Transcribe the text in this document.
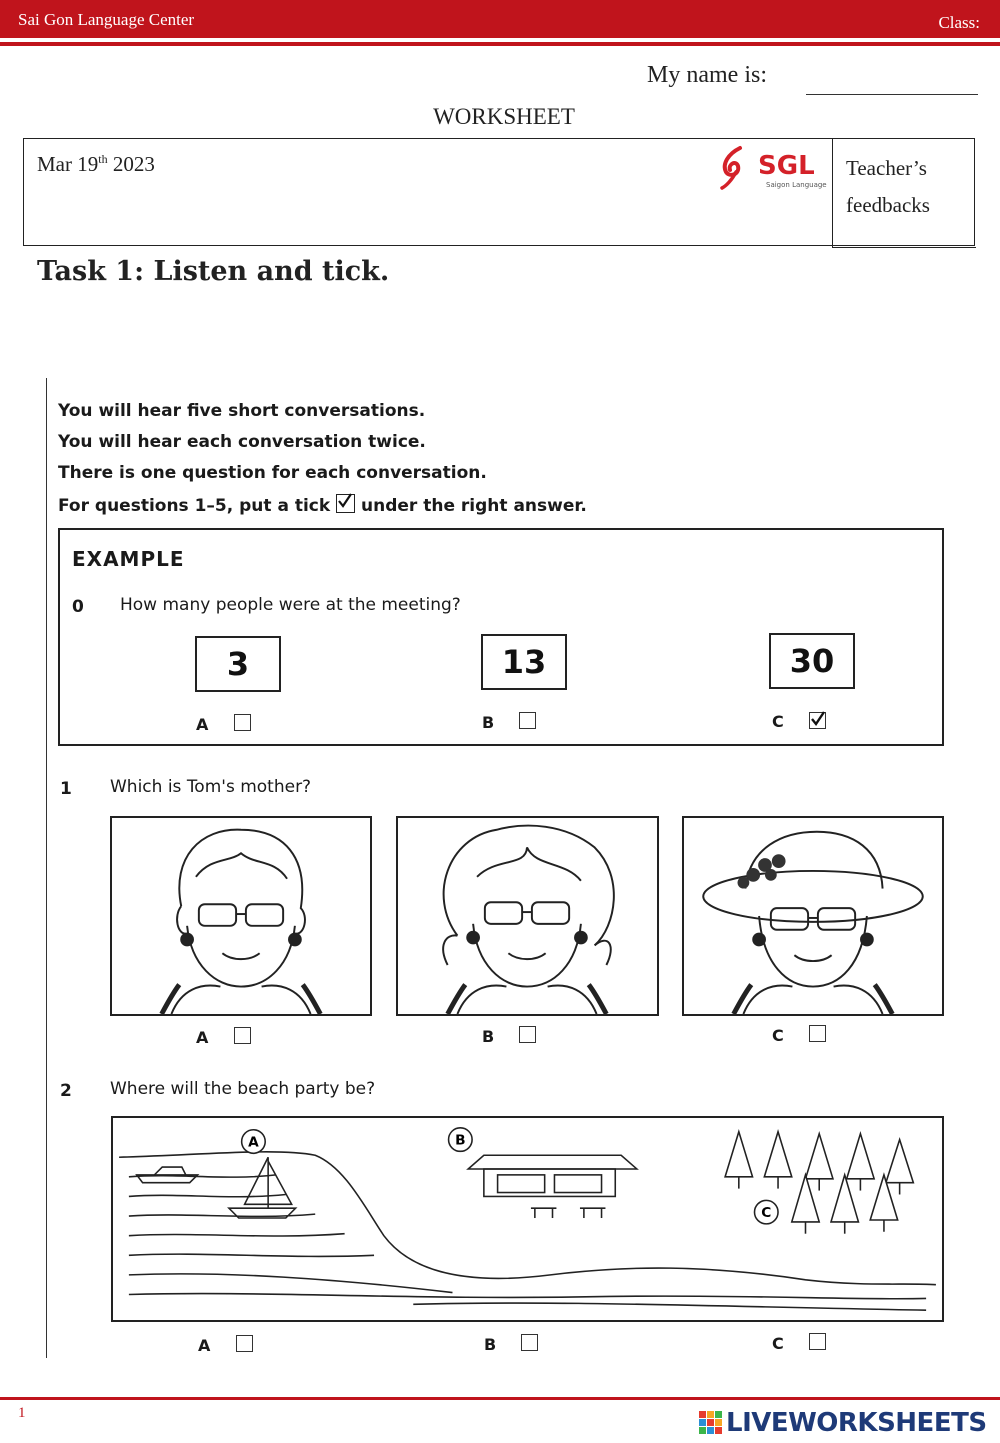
Sai Gon Language Center	Class:
My name is:
WORKSHEET
Mar 19th 2023	SGL
Saigon Language
Teacher’s
feedbacks
Task 1: Listen and tick.
You will hear five short conversations.
You will hear each conversation twice.
There is one question for each conversation.
For questions 1–5, put a tick under the right answer.
EXAMPLE
0 How many people were at the meeting?
3	13	30
A	B	C
1 Which is Tom's mother?
A	B	C
2 Where will the beach party be?
A	B
C
A	B	C
1	LIVEWORKSHEETS
